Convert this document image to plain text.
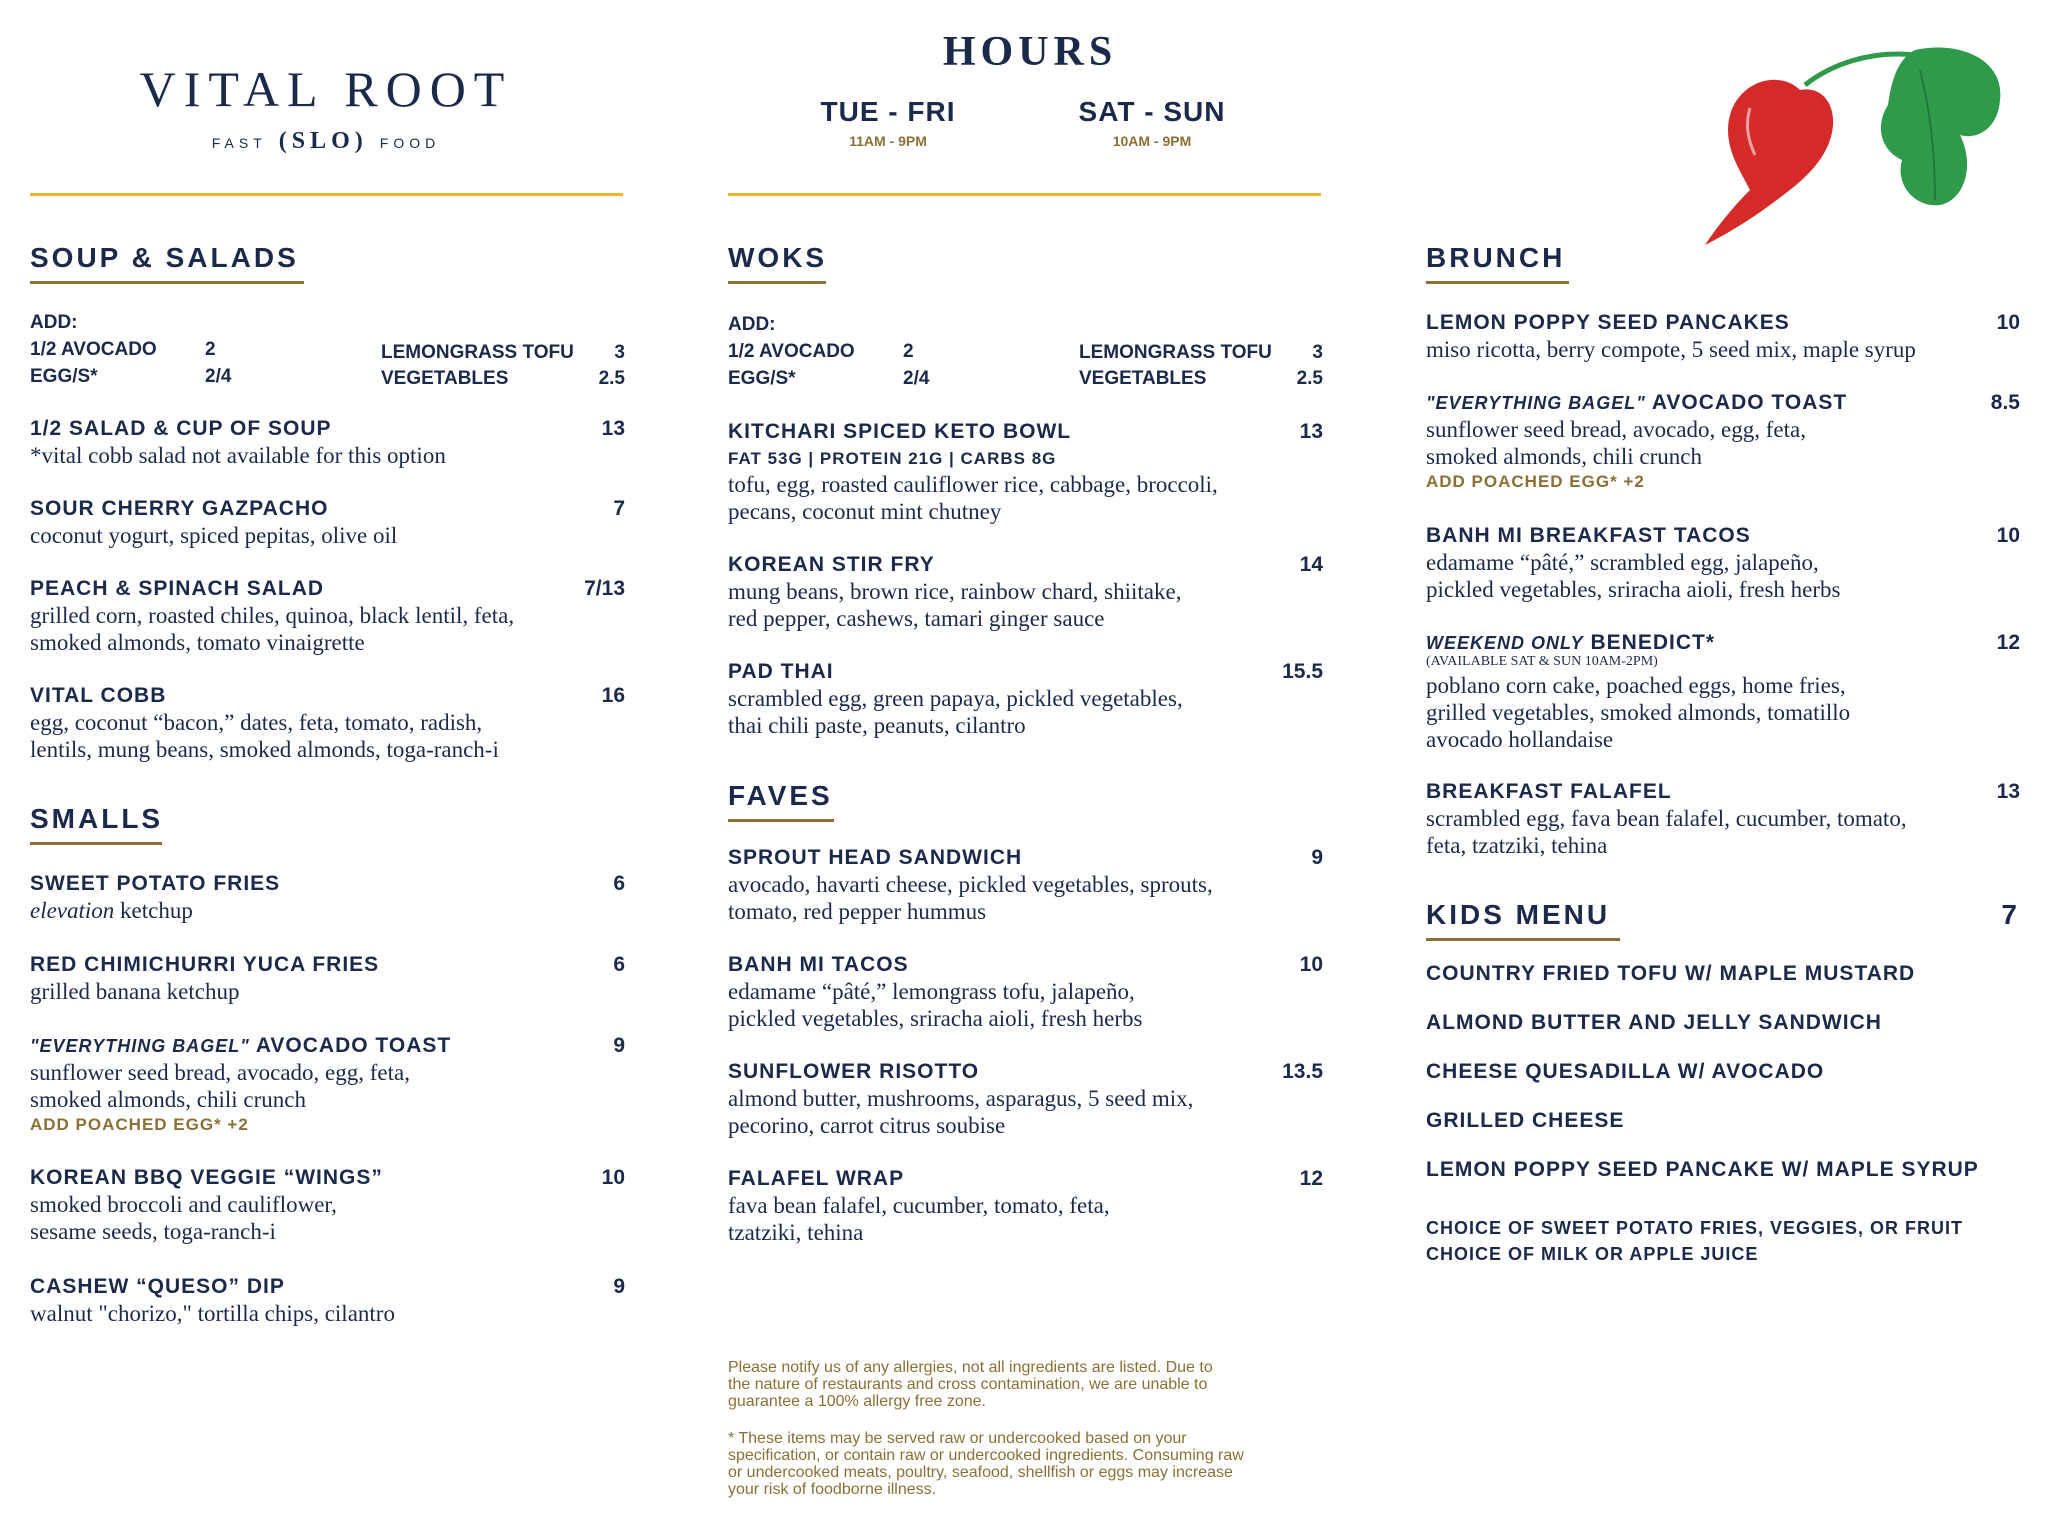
VITAL ROOT
FAST (SLO) FOOD
HOURS
TUE - FRI
11AM - 9PM
SAT - SUN
10AM - 9PM
SOUP & SALADS
ADD:
1/2 AVOCADO	2
EGG/S*	2/4
LEMONGRASS TOFU	3
VEGETABLES	2.5
1/2 SALAD & CUP OF SOUP	13
*vital cobb salad not available for this option
SOUR CHERRY GAZPACHO	7
coconut yogurt, spiced pepitas, olive oil
PEACH & SPINACH SALAD	7/13
grilled corn, roasted chiles, quinoa, black lentil, feta,
smoked almonds, tomato vinaigrette
VITAL COBB	16
egg, coconut “bacon,” dates, feta, tomato, radish,
lentils, mung beans, smoked almonds, toga-ranch-i
SMALLS
SWEET POTATO FRIES	6
elevation ketchup
RED CHIMICHURRI YUCA FRIES	6
grilled banana ketchup
"EVERYTHING BAGEL" AVOCADO TOAST	9
sunflower seed bread, avocado, egg, feta,
smoked almonds, chili crunch
ADD POACHED EGG* +2
KOREAN BBQ VEGGIE “WINGS”	10
smoked broccoli and cauliflower,
sesame seeds, toga-ranch-i
CASHEW “QUESO” DIP	9
walnut "chorizo," tortilla chips, cilantro
WOKS
ADD:
1/2 AVOCADO	2
EGG/S*	2/4
LEMONGRASS TOFU	3
VEGETABLES	2.5
KITCHARI SPICED KETO BOWL	13
FAT 53G | PROTEIN 21G | CARBS 8G
tofu, egg, roasted cauliflower rice, cabbage, broccoli,
pecans, coconut mint chutney
KOREAN STIR FRY	14
mung beans, brown rice, rainbow chard, shiitake,
red pepper, cashews, tamari ginger sauce
PAD THAI	15.5
scrambled egg, green papaya, pickled vegetables,
thai chili paste, peanuts, cilantro
FAVES
SPROUT HEAD SANDWICH	9
avocado, havarti cheese, pickled vegetables, sprouts,
tomato, red pepper hummus
BANH MI TACOS	10
edamame “pâté,” lemongrass tofu, jalapeño,
pickled vegetables, sriracha aioli, fresh herbs
SUNFLOWER RISOTTO	13.5
almond butter, mushrooms, asparagus, 5 seed mix,
pecorino, carrot citrus soubise
FALAFEL WRAP	12
fava bean falafel, cucumber, tomato, feta,
tzatziki, tehina
Please notify us of any allergies, not all ingredients are listed. Due to
the nature of restaurants and cross contamination, we are unable to
guarantee a 100% allergy free zone.
* These items may be served raw or undercooked based on your
specification, or contain raw or undercooked ingredients. Consuming raw
or undercooked meats, poultry, seafood, shellfish or eggs may increase
your risk of foodborne illness.
BRUNCH
LEMON POPPY SEED PANCAKES	10
miso ricotta, berry compote, 5 seed mix, maple syrup
"EVERYTHING BAGEL" AVOCADO TOAST	8.5
sunflower seed bread, avocado, egg, feta,
smoked almonds, chili crunch
ADD POACHED EGG* +2
BANH MI BREAKFAST TACOS	10
edamame “pâté,” scrambled egg, jalapeño,
pickled vegetables, sriracha aioli, fresh herbs
WEEKEND ONLY BENEDICT*	12
(AVAILABLE SAT & SUN 10AM-2PM)
poblano corn cake, poached eggs, home fries,
grilled vegetables, smoked almonds, tomatillo
avocado hollandaise
BREAKFAST FALAFEL	13
scrambled egg, fava bean falafel, cucumber, tomato,
feta, tzatziki, tehina
KIDS MENU	7
COUNTRY FRIED TOFU W/ MAPLE MUSTARD
ALMOND BUTTER AND JELLY SANDWICH
CHEESE QUESADILLA W/ AVOCADO
GRILLED CHEESE
LEMON POPPY SEED PANCAKE W/ MAPLE SYRUP
CHOICE OF SWEET POTATO FRIES, VEGGIES, OR FRUIT
CHOICE OF MILK OR APPLE JUICE
